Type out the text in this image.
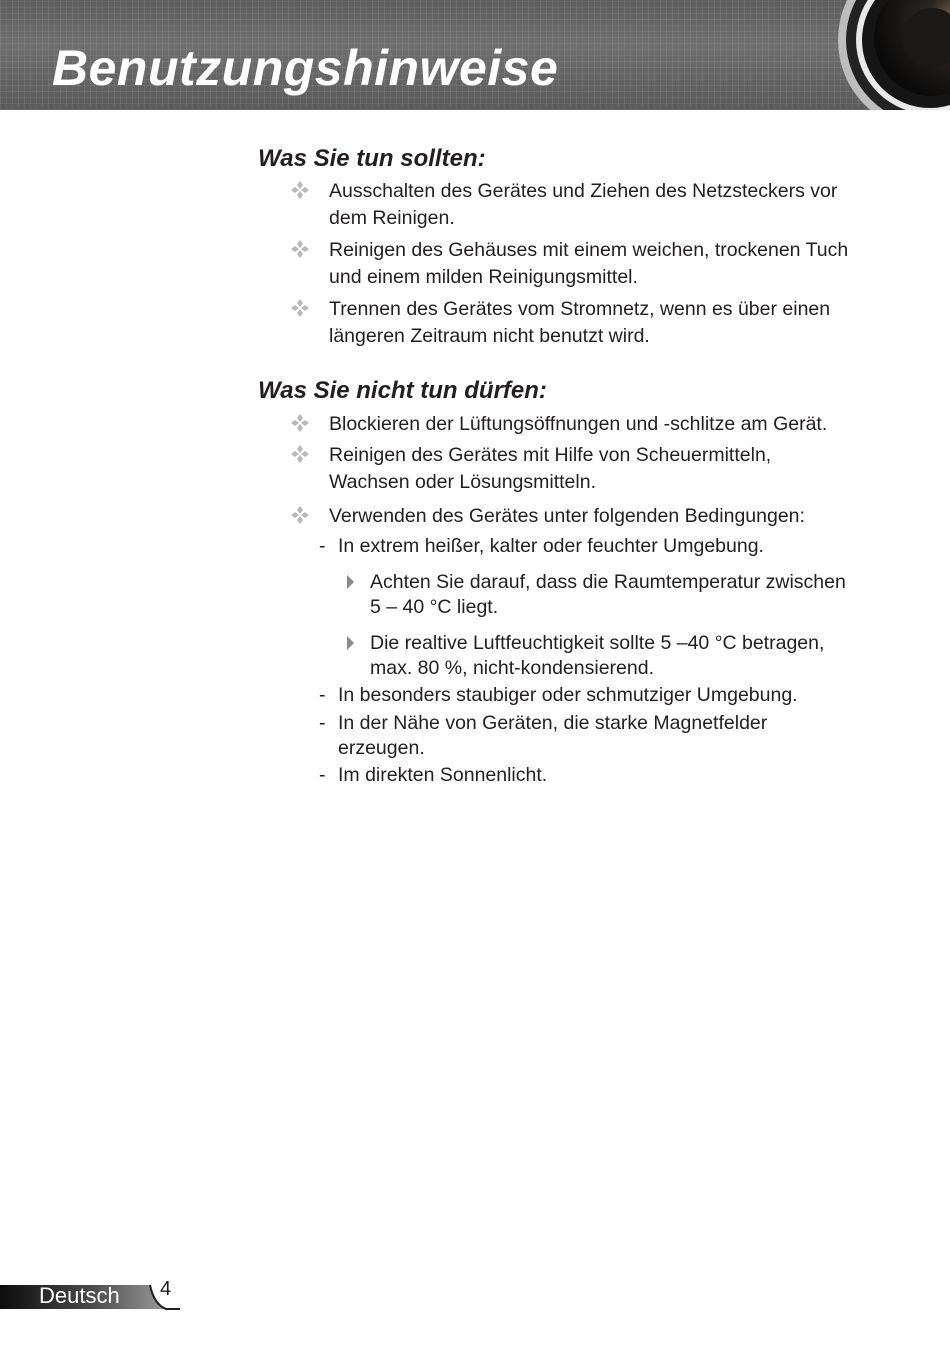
Benutzungshinweise
Was Sie tun sollten:
Ausschalten des Gerätes und Ziehen des Netzsteckers vor
dem Reinigen.
Reinigen des Gehäuses mit einem weichen, trockenen Tuch
und einem milden Reinigungsmittel.
Trennen des Gerätes vom Stromnetz, wenn es über einen
längeren Zeitraum nicht benutzt wird.
Was Sie nicht tun dürfen:
Blockieren der Lüftungsöffnungen und -schlitze am Gerät.
Reinigen des Gerätes mit Hilfe von Scheuermitteln,
Wachsen oder Lösungsmitteln.
Verwenden des Gerätes unter folgenden Bedingungen:
- In extrem heißer, kalter oder feuchter Umgebung.
Achten Sie darauf, dass die Raumtemperatur zwischen
5 – 40 °C liegt.
Die realtive Luftfeuchtigkeit sollte 5 –40 °C betragen,
max. 80 %, nicht-kondensierend.
- In besonders staubiger oder schmutziger Umgebung.
- In der Nähe von Geräten, die starke Magnetfelder
erzeugen.
- Im direkten Sonnenlicht.
Deutsch 4
